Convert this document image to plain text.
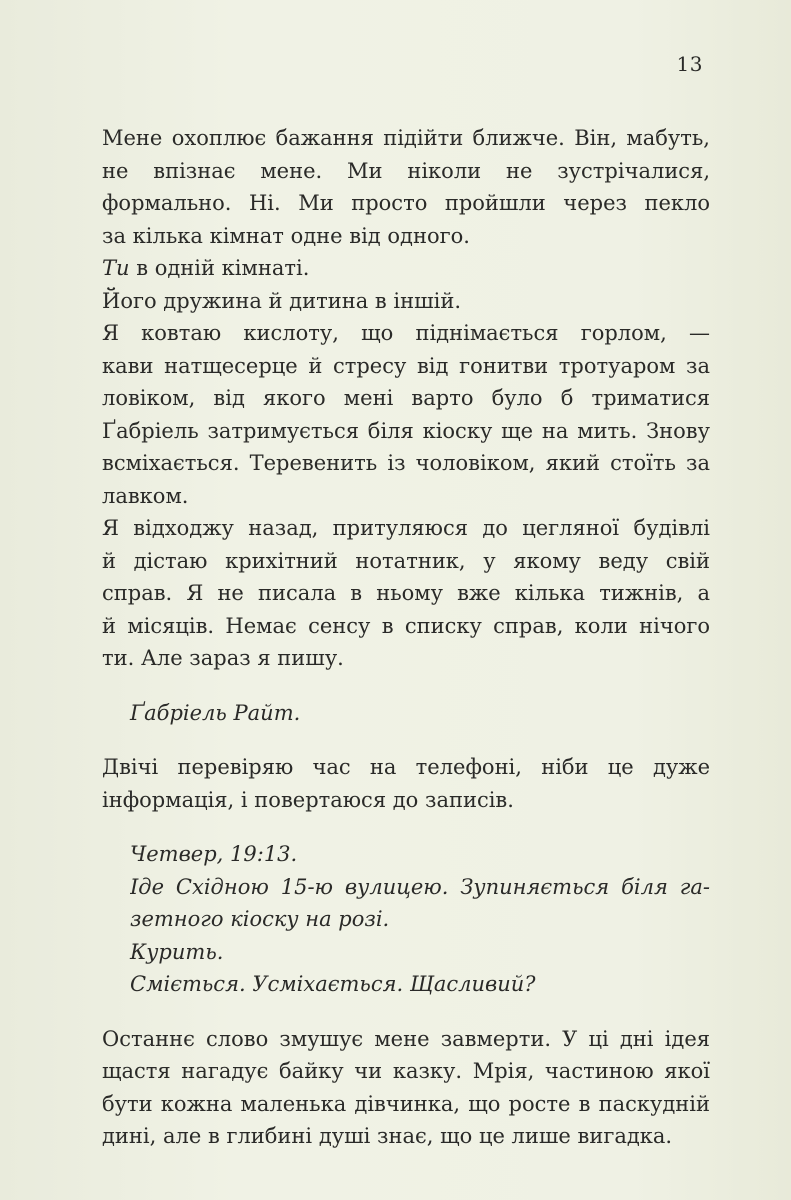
13
Мене охоплює бажання підійти ближче. Він, мабуть,
не впізнає мене. Ми ніколи не зустрічалися,
формально. Ні. Ми просто пройшли через пекло
за кілька кімнат одне від одного.
Ти в одній кімнаті.
Його дружина й дитина в іншій.
Я ковтаю кислоту, що піднімається горлом, —
кави натщесерце й стресу від гонитви тротуаром за
ловіком, від якого мені варто було б триматися
Ґабріель затримується біля кіоску ще на мить. Знову
всміхається. Теревенить із чоловіком, який стоїть за
лавком.
Я відходжу назад, притуляюся до цегляної будівлі
й дістаю крихітний нотатник, у якому веду свій
справ. Я не писала в ньому вже кілька тижнів, а
й місяців. Немає сенсу в списку справ, коли нічого
ти. Але зараз я пишу.
Ґабріель Райт.
Двічі перевіряю час на телефоні, ніби це дуже
інформація, і повертаюся до записів.
Четвер, 19:13.
Іде Східною 15-ю вулицею. Зупиняється біля га-
зетного кіоску на розі.
Курить.
Сміється. Усміхається. Щасливий?
Останнє слово змушує мене завмерти. У ці дні ідея
щастя нагадує байку чи казку. Мрія, частиною якої
бути кожна маленька дівчинка, що росте в паскудній
дині, але в глибині душі знає, що це лише вигадка.
